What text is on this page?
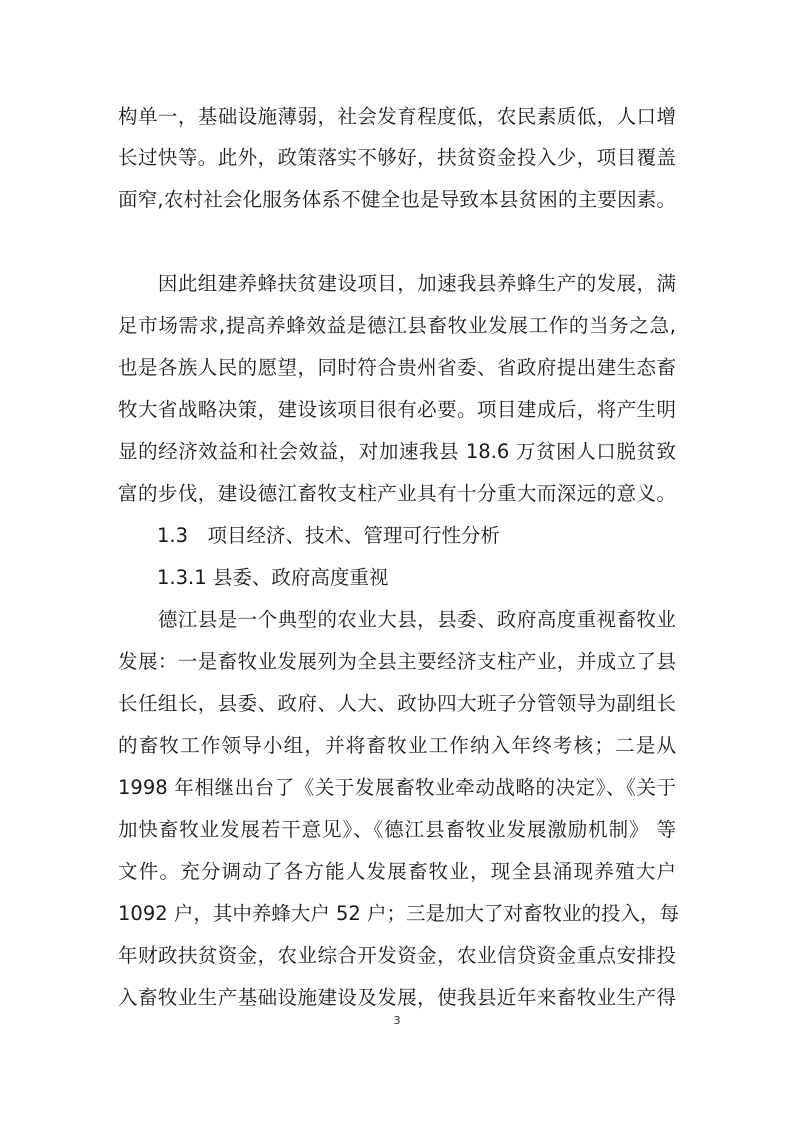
构单一，基础设施薄弱，社会发育程度低，农民素质低，人口增
长过快等。此外，政策落实不够好，扶贫资金投入少，项目覆盖
面窄,农村社会化服务体系不健全也是导致本县贫困的主要因素。
　　因此组建养蜂扶贫建设项目，加速我县养蜂生产的发展，满
足市场需求,提高养蜂效益是德江县畜牧业发展工作的当务之急,
也是各族人民的愿望，同时符合贵州省委、省政府提出建生态畜
牧大省战略决策，建设该项目很有必要。项目建成后，将产生明
显的经济效益和社会效益，对加速我县 18.6 万贫困人口脱贫致
富的步伐，建设德江畜牧支柱产业具有十分重大而深远的意义。
　　1.3　项目经济、技术、管理可行性分析
　　1.3.1 县委、政府高度重视
　　德江县是一个典型的农业大县，县委、政府高度重视畜牧业
发展：一是畜牧业发展列为全县主要经济支柱产业，并成立了县
长任组长，县委、政府、人大、政协四大班子分管领导为副组长
的畜牧工作领导小组，并将畜牧业工作纳入年终考核；二是从
1998 年相继出台了《关于发展畜牧业牵动战略的决定》、《关于
加快畜牧业发展若干意见》、《德江县畜牧业发展激励机制》 等
文件。充分调动了各方能人发展畜牧业，现全县涌现养殖大户
1092 户，其中养蜂大户 52 户；三是加大了对畜牧业的投入，每
年财政扶贫资金，农业综合开发资金，农业信贷资金重点安排投
入畜牧业生产基础设施建设及发展，使我县近年来畜牧业生产得
3
